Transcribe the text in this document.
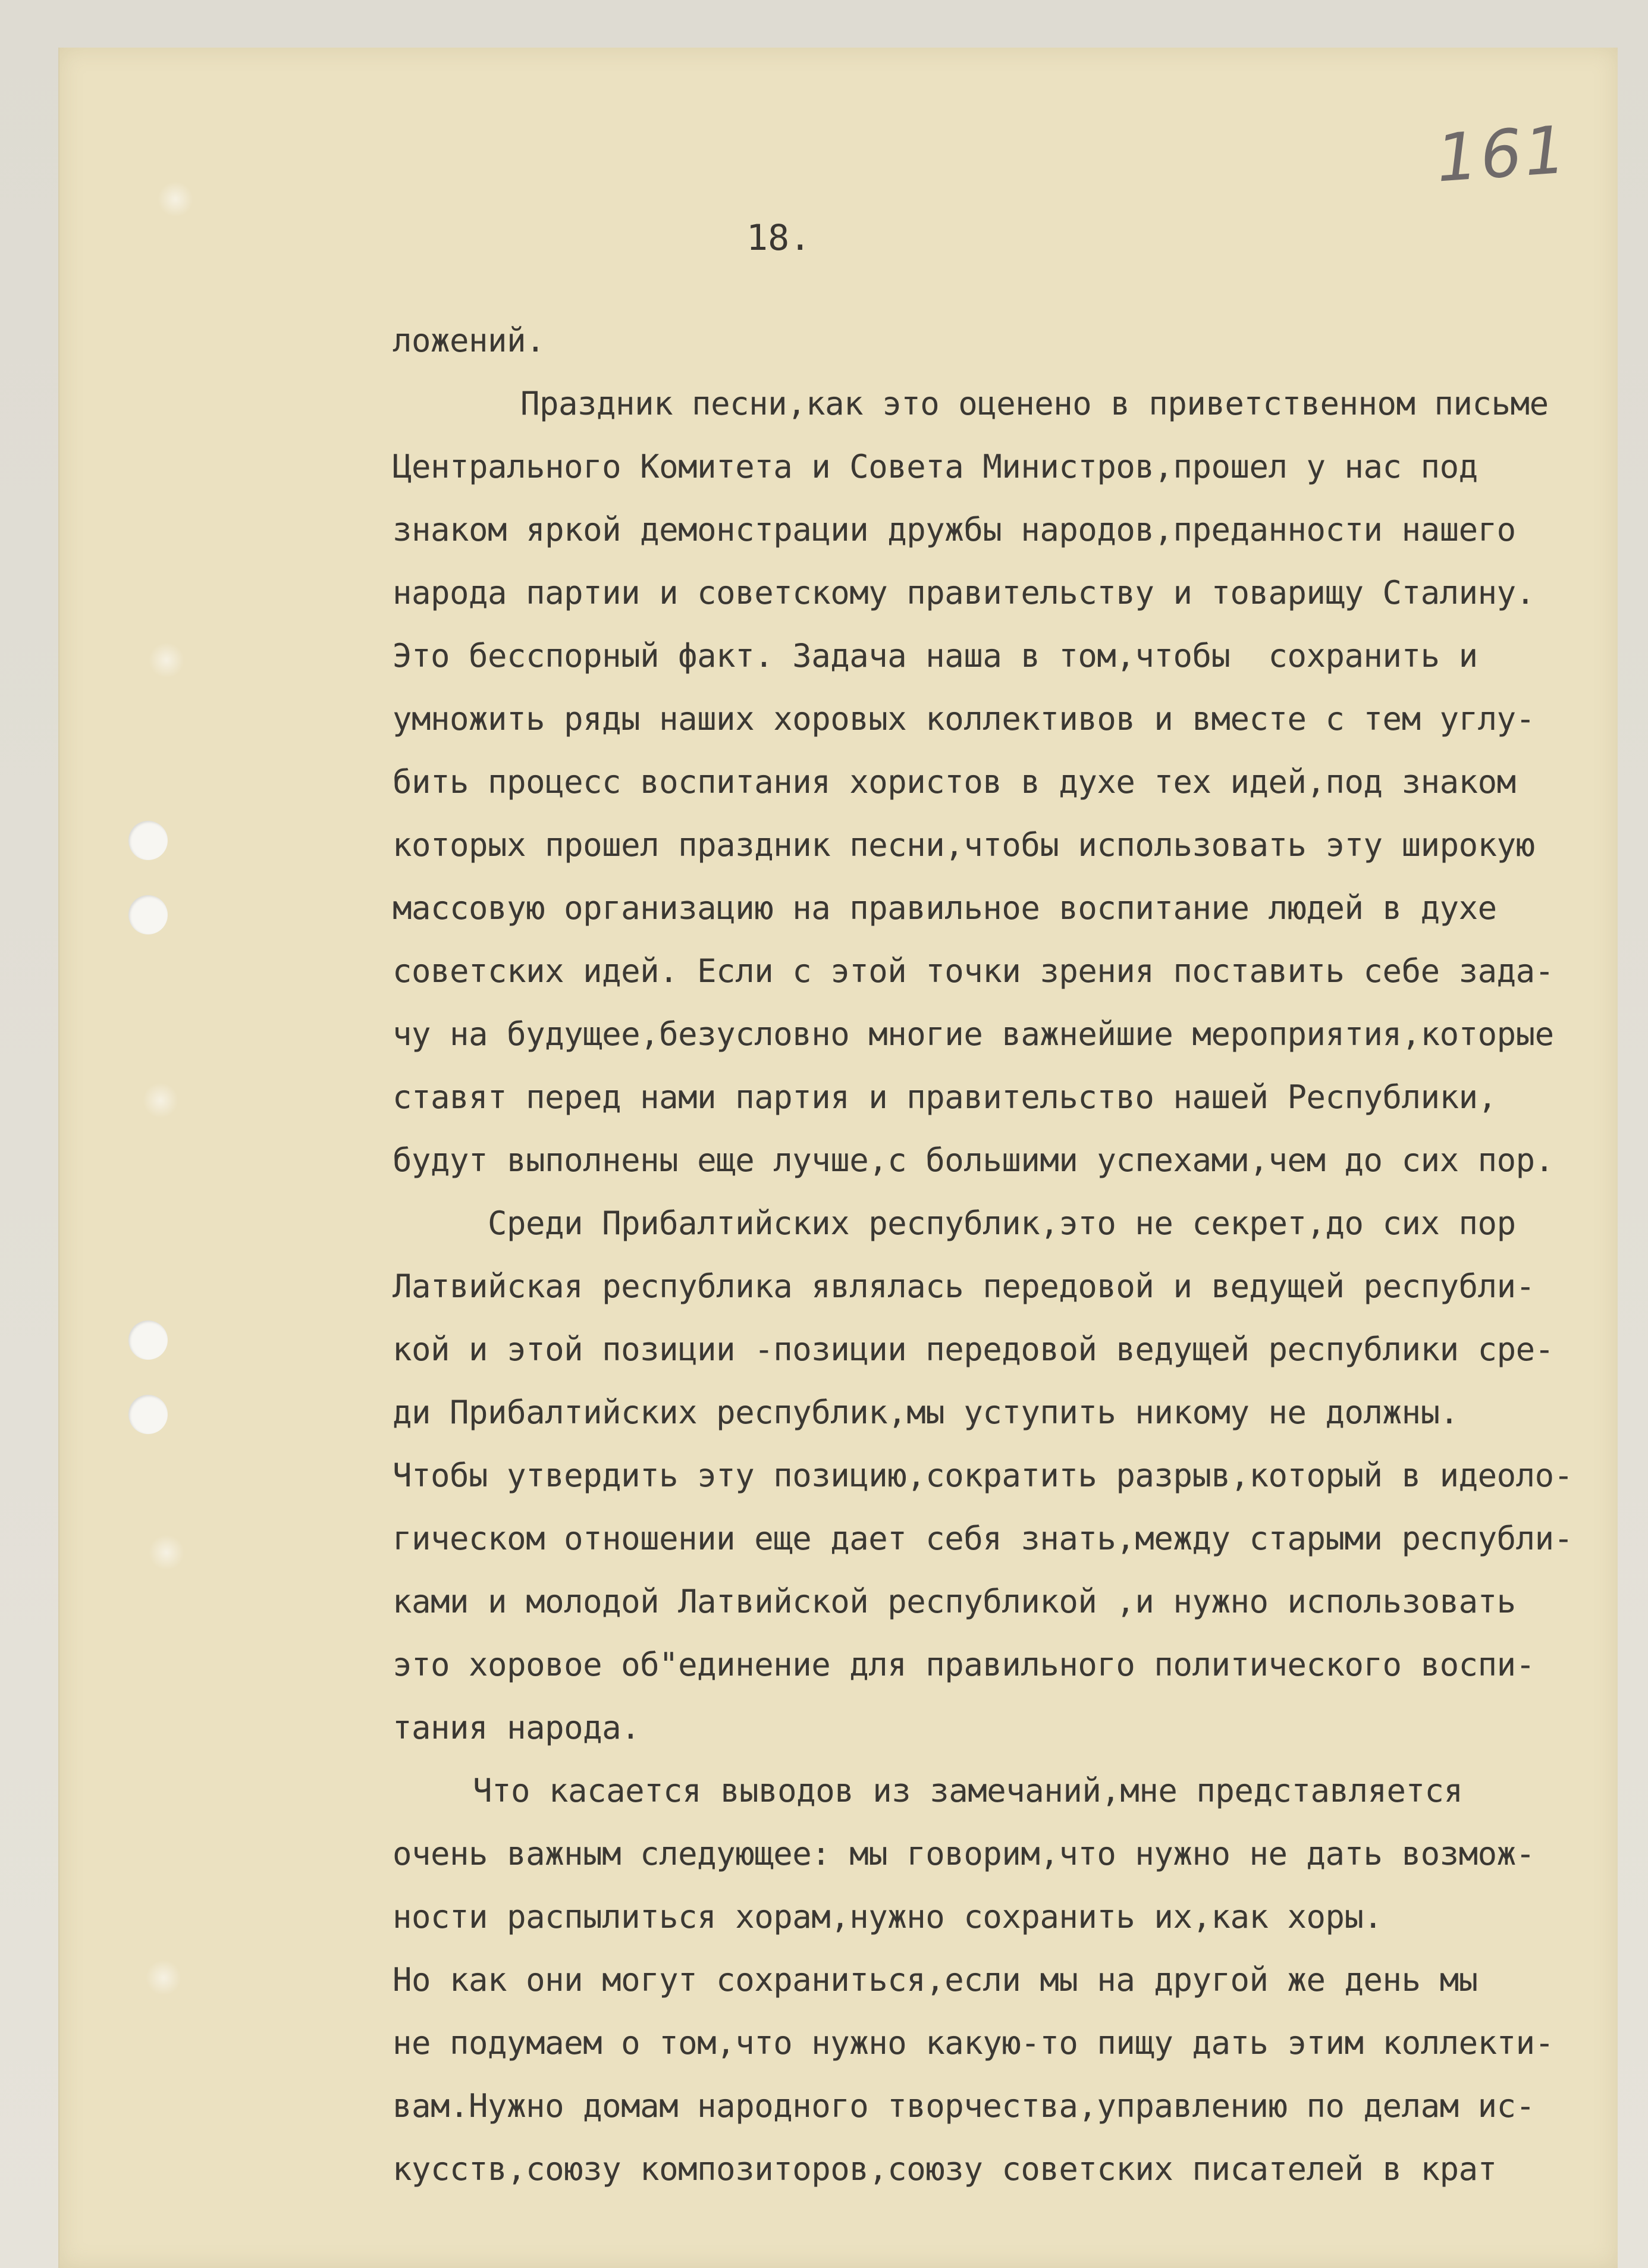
161
18.
ложений.
Праздник песни,как это оценено в приветственном письме
Центрального Комитета и Совета Министров,прошел у нас под
знаком яркой демонстрации дружбы народов,преданности нашего
народа партии и советскому правительству и товарищу Сталину.
Это бесспорный факт. Задача наша в том,чтобы  сохранить и
умножить ряды наших хоровых коллективов и вместе с тем углу-
бить процесс воспитания хористов в духе тех идей,под знаком
которых прошел праздник песни,чтобы использовать эту широкую
массовую организацию на правильное воспитание людей в духе
советских идей. Если с этой точки зрения поставить себе зада-
чу на будущее,безусловно многие важнейшие мероприятия,которые
ставят перед нами партия и правительство нашей Республики,
будут выполнены еще лучше,с большими успехами,чем до сих пор.
Среди Прибалтийских республик,это не секрет,до сих пор
Латвийская республика являлась передовой и ведущей республи-
кой и этой позиции -позиции передовой ведущей республики сре-
ди Прибалтийских республик,мы уступить никому не должны.
Чтобы утвердить эту позицию,сократить разрыв,который в идеоло-
гическом отношении еще дает себя знать,между старыми республи-
ками и молодой Латвийской республикой ,и нужно использовать
это хоровое об"единение для правильного политического воспи-
тания народа.
Что касается выводов из замечаний,мне представляется
очень важным следующее: мы говорим,что нужно не дать возмож-
ности распылиться хорам,нужно сохранить их,как хоры.
Но как они могут сохраниться,если мы на другой же день мы
не подумаем о том,что нужно какую-то пищу дать этим коллекти-
вам.Нужно домам народного творчества,управлению по делам ис-
кусств,союзу композиторов,союзу советских писателей в крат
